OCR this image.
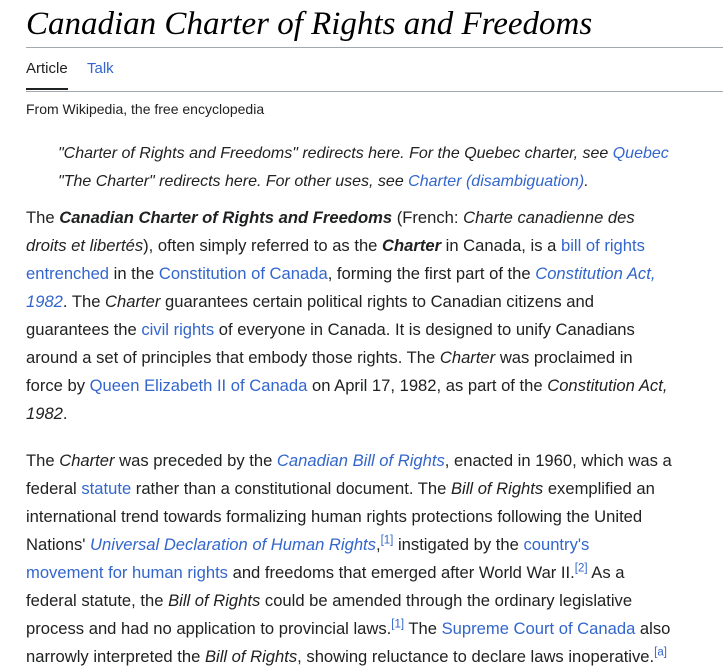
Canadian Charter of Rights and Freedoms
Article Talk
From Wikipedia, the free encyclopedia
"Charter of Rights and Freedoms" redirects here. For the Quebec charter, see Quebec
"The Charter" redirects here. For other uses, see Charter (disambiguation).

The Canadian Charter of Rights and Freedoms (French: Charte canadienne des
droits et libertés), often simply referred to as the Charter in Canada, is a bill of rights
entrenched in the Constitution of Canada, forming the first part of the Constitution Act,
1982. The Charter guarantees certain political rights to Canadian citizens and
guarantees the civil rights of everyone in Canada. It is designed to unify Canadians
around a set of principles that embody those rights. The Charter was proclaimed in
force by Queen Elizabeth II of Canada on April 17, 1982, as part of the Constitution Act,
1982.

The Charter was preceded by the Canadian Bill of Rights, enacted in 1960, which was a
federal statute rather than a constitutional document. The Bill of Rights exemplified an
international trend towards formalizing human rights protections following the United
Nations' Universal Declaration of Human Rights,[1] instigated by the country's
movement for human rights and freedoms that emerged after World War II.[2] As a
federal statute, the Bill of Rights could be amended through the ordinary legislative
process and had no application to provincial laws.[1] The Supreme Court of Canada also
narrowly interpreted the Bill of Rights, showing reluctance to declare laws inoperative.[a]
